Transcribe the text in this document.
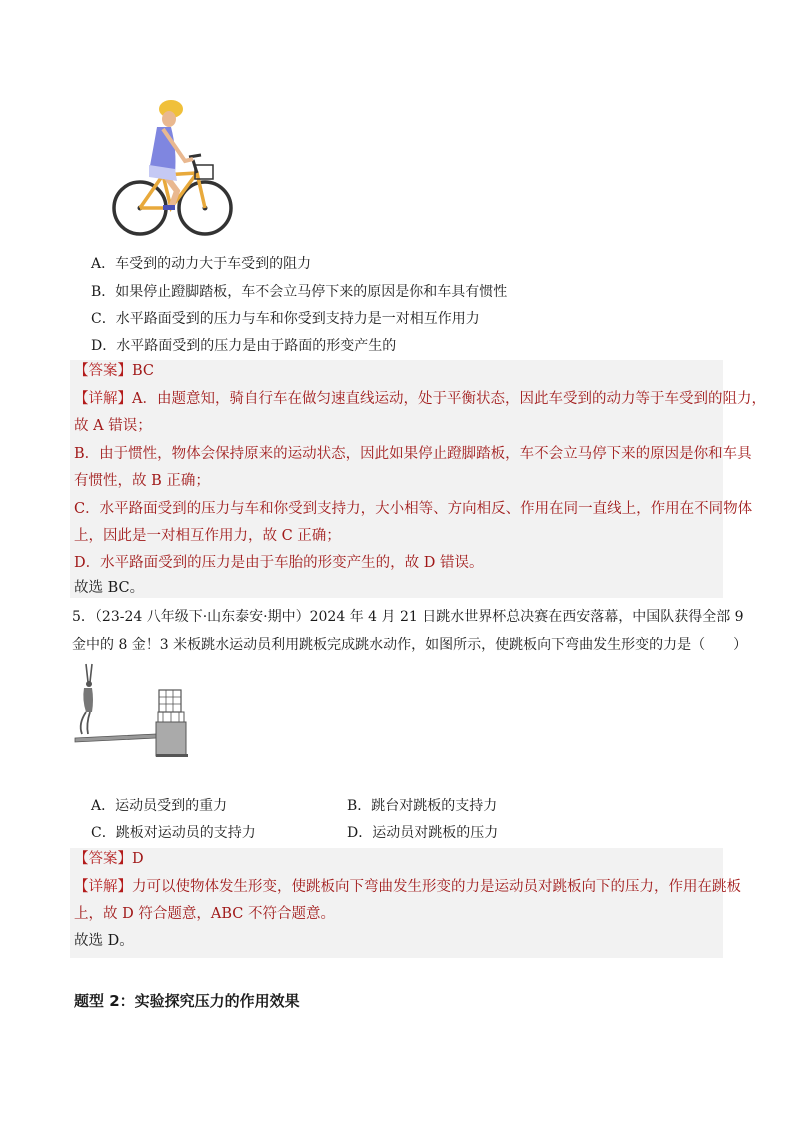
A．车受到的动力大于车受到的阻力
B．如果停止蹬脚踏板，车不会立马停下来的原因是你和车具有惯性
C．水平路面受到的压力与车和你受到支持力是一对相互作用力
D．水平路面受到的压力是由于路面的形变产生的
【答案】BC
【详解】A．由题意知，骑自行车在做匀速直线运动，处于平衡状态，因此车受到的动力等于车受到的阻力，
故 A 错误；
B．由于惯性，物体会保持原来的运动状态，因此如果停止蹬脚踏板，车不会立马停下来的原因是你和车具
有惯性，故 B 正确；
C．水平路面受到的压力与车和你受到支持力，大小相等、方向相反、作用在同一直线上，作用在不同物体
上，因此是一对相互作用力，故 C 正确；
D．水平路面受到的压力是由于车胎的形变产生的，故 D 错误。
故选 BC。
5．（23-24 八年级下·山东泰安·期中）2024 年 4 月 21 日跳水世界杯总决赛在西安落幕，中国队获得全部 9
金中的 8 金！3 米板跳水运动员利用跳板完成跳水动作，如图所示，使跳板向下弯曲发生形变的力是（　　）
A．运动员受到的重力	B．跳台对跳板的支持力
C．跳板对运动员的支持力	D．运动员对跳板的压力
【答案】D
【详解】力可以使物体发生形变，使跳板向下弯曲发生形变的力是运动员对跳板向下的压力，作用在跳板
上，故 D 符合题意，ABC 不符合题意。
故选 D。
题型 2：实验探究压力的作用效果
